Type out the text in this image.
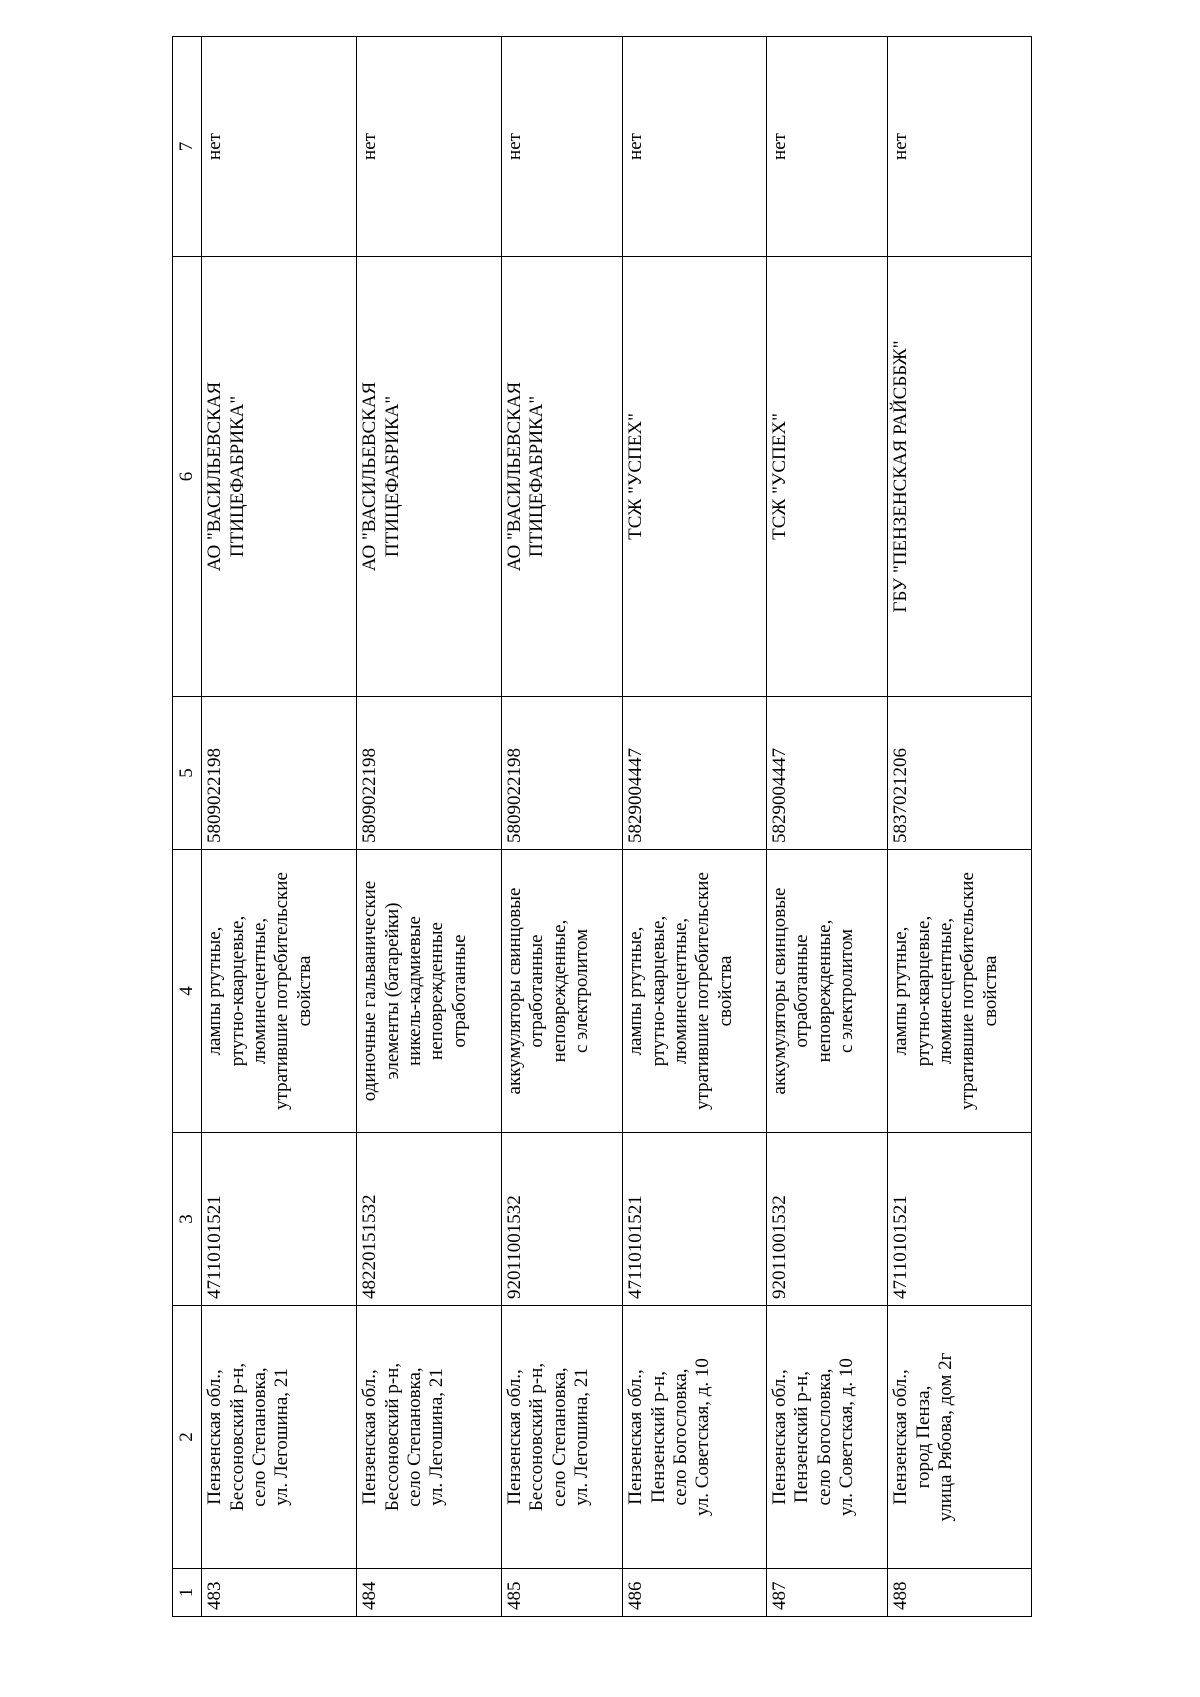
1	2	3	4	5	6	7
483	Пензенская обл., Бессоновский р-н, село Степановка, ул. Легошина, 21	47110101521	лампы ртутные, ртутно-кварцевые, люминесцентные, утратившие потребительские свойства	5809022198	АО "ВАСИЛЬЕВСКАЯ ПТИЦЕФАБРИКА"	нет
484	Пензенская обл., Бессоновский р-н, село Степановка, ул. Легошина, 21	48220151532	одиночные гальванические элементы (батарейки) никель-кадмиевые неповрежденные отработанные	5809022198	АО "ВАСИЛЬЕВСКАЯ ПТИЦЕФАБРИКА"	нет
485	Пензенская обл., Бессоновский р-н, село Степановка, ул. Легошина, 21	92011001532	аккумуляторы свинцовые отработанные неповрежденные, с электролитом	5809022198	АО "ВАСИЛЬЕВСКАЯ ПТИЦЕФАБРИКА"	нет
486	Пензенская обл., Пензенский р-н, село Богословка, ул. Советская, д. 10	47110101521	лампы ртутные, ртутно-кварцевые, люминесцентные, утратившие потребительские свойства	5829004447	ТСЖ "УСПЕХ"	нет
487	Пензенская обл., Пензенский р-н, село Богословка, ул. Советская, д. 10	92011001532	аккумуляторы свинцовые отработанные неповрежденные, с электролитом	5829004447	ТСЖ "УСПЕХ"	нет
488	Пензенская обл., город Пенза, улица Рябова, дом 2г	47110101521	лампы ртутные, ртутно-кварцевые, люминесцентные, утратившие потребительские свойства	5837021206	ГБУ "ПЕНЗЕНСКАЯ РАЙСББЖ"	нет
